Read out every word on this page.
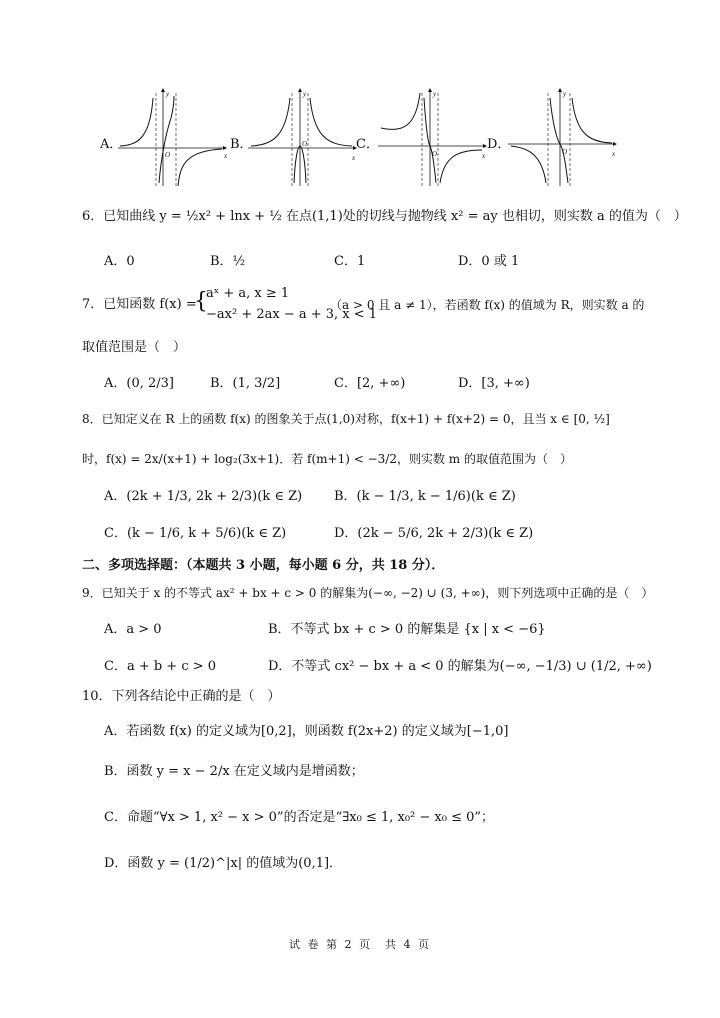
A．
y
x
O
B．
y
x
O	C．
y
x
O
D．
y
x
O
6．已知曲线 y = ½x² + lnx + ½ 在点(1,1)处的切线与抛物线 x² = ay 也相切，则实数 a 的值为（　）
A．0	B．½	C．1	D．0 或 1
7．已知函数 f(x) =
{
aˣ + a, x ≥ 1
−ax² + 2ax − a + 3, x < 1
（a > 0 且 a ≠ 1），若函数 f(x) 的值域为 R，则实数 a 的
取值范围是（　）
A．(0, 2/3]	B．(1, 3/2]	C．[2, +∞)	D．[3, +∞)
8．已知定义在 R 上的函数 f(x) 的图象关于点(1,0)对称，f(x+1) + f(x+2) = 0，且当 x ∈ [0, ½]
时，f(x) = 2x/(x+1) + log₂(3x+1)．若 f(m+1) < −3/2，则实数 m 的取值范围为（　）
A．(2k + 1/3, 2k + 2/3)(k ∈ Z) B．(k − 1/3, k − 1/6)(k ∈ Z)
C．(k − 1/6, k + 5/6)(k ∈ Z)	D．(2k − 5/6, 2k + 2/3)(k ∈ Z)
二、多项选择题：（本题共 3 小题，每小题 6 分，共 18 分）．
9．已知关于 x 的不等式 ax² + bx + c > 0 的解集为(−∞, −2) ∪ (3, +∞)，则下列选项中正确的是（　）
A．a > 0	B．不等式 bx + c > 0 的解集是 {x | x < −6}
C．a + b + c > 0	D．不等式 cx² − bx + a < 0 的解集为(−∞, −1/3) ∪ (1/2, +∞)
10．下列各结论中正确的是（　）
A．若函数 f(x) 的定义域为[0,2]，则函数 f(2x+2) 的定义域为[−1,0]
B．函数 y = x − 2/x 在定义域内是增函数；
C．命题“∀x > 1, x² − x > 0”的否定是“∃x₀ ≤ 1, x₀² − x₀ ≤ 0”；
D．函数 y = (1/2)^|x| 的值域为(0,1]．
试 卷 第 2 页　共 4 页
